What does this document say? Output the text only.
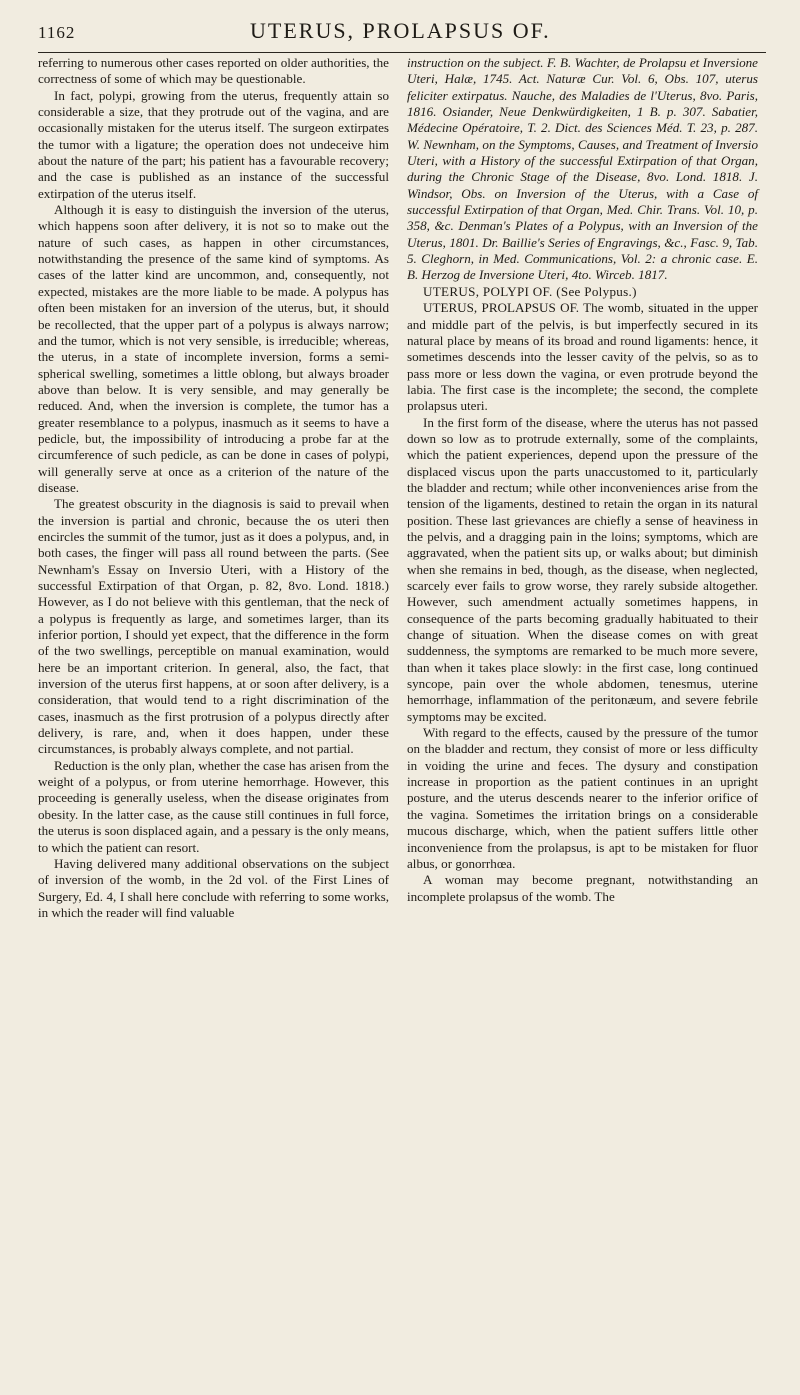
1162	UTERUS, PROLAPSUS OF.

referring to numerous other cases reported on older authorities, the correctness of some of which may be questionable.

In fact, polypi, growing from the uterus, frequently attain so considerable a size, that they protrude out of the vagina, and are occasionally mistaken for the uterus itself. The surgeon extirpates the tumor with a ligature; the operation does not undeceive him about the nature of the part; his patient has a favourable recovery; and the case is published as an instance of the successful extirpation of the uterus itself.

Although it is easy to distinguish the inversion of the uterus, which happens soon after delivery, it is not so to make out the nature of such cases, as happen in other circumstances, notwithstanding the presence of the same kind of symptoms. As cases of the latter kind are uncommon, and, consequently, not expected, mistakes are the more liable to be made. A polypus has often been mistaken for an inversion of the uterus, but, it should be recollected, that the upper part of a polypus is always narrow; and the tumor, which is not very sensible, is irreducible; whereas, the uterus, in a state of incomplete inversion, forms a semi-spherical swelling, sometimes a little oblong, but always broader above than below. It is very sensible, and may generally be reduced. And, when the inversion is complete, the tumor has a greater resemblance to a polypus, inasmuch as it seems to have a pedicle, but, the impossibility of introducing a probe far at the circumference of such pedicle, as can be done in cases of polypi, will generally serve at once as a criterion of the nature of the disease.

The greatest obscurity in the diagnosis is said to prevail when the inversion is partial and chronic, because the os uteri then encircles the summit of the tumor, just as it does a polypus, and, in both cases, the finger will pass all round between the parts. (See Newnham's Essay on Inversio Uteri, with a History of the successful Extirpation of that Organ, p. 82, 8vo. Lond. 1818.) However, as I do not believe with this gentleman, that the neck of a polypus is frequently as large, and sometimes larger, than its inferior portion, I should yet expect, that the difference in the form of the two swellings, perceptible on manual examination, would here be an important criterion. In general, also, the fact, that inversion of the uterus first happens, at or soon after delivery, is a consideration, that would tend to a right discrimination of the cases, inasmuch as the first protrusion of a polypus directly after delivery, is rare, and, when it does happen, under these circumstances, is probably always complete, and not partial.

Reduction is the only plan, whether the case has arisen from the weight of a polypus, or from uterine hemorrhage. However, this proceeding is generally useless, when the disease originates from obesity. In the latter case, as the cause still continues in full force, the uterus is soon displaced again, and a pessary is the only means, to which the patient can resort.

Having delivered many additional observations on the subject of inversion of the womb, in the 2d vol. of the First Lines of Surgery, Ed. 4, I shall here conclude with referring to some works, in which the reader will find valuable

instruction on the subject. F. B. Wachter, de Prolapsu et Inversione Uteri, Halæ, 1745. Act. Naturæ Cur. Vol. 6, Obs. 107, uterus feliciter extirpatus. Nauche, des Maladies de l'Uterus, 8vo. Paris, 1816. Osiander, Neue Denkwürdigkeiten, 1 B. p. 307. Sabatier, Médecine Opératoire, T. 2. Dict. des Sciences Méd. T. 23, p. 287. W. Newnham, on the Symptoms, Causes, and Treatment of Inversio Uteri, with a History of the successful Extirpation of that Organ, during the Chronic Stage of the Disease, 8vo. Lond. 1818. J. Windsor, Obs. on Inversion of the Uterus, with a Case of successful Extirpation of that Organ, Med. Chir. Trans. Vol. 10, p. 358, &c. Denman's Plates of a Polypus, with an Inversion of the Uterus, 1801. Dr. Baillie's Series of Engravings, &c., Fasc. 9, Tab. 5. Cleghorn, in Med. Communications, Vol. 2: a chronic case. E. B. Herzog de Inversione Uteri, 4to. Wirceb. 1817.

UTERUS, POLYPI OF. (See Polypus.)

UTERUS, PROLAPSUS OF. The womb, situated in the upper and middle part of the pelvis, is but imperfectly secured in its natural place by means of its broad and round ligaments: hence, it sometimes descends into the lesser cavity of the pelvis, so as to pass more or less down the vagina, or even protrude beyond the labia. The first case is the incomplete; the second, the complete prolapsus uteri.

In the first form of the disease, where the uterus has not passed down so low as to protrude externally, some of the complaints, which the patient experiences, depend upon the pressure of the displaced viscus upon the parts unaccustomed to it, particularly the bladder and rectum; while other inconveniences arise from the tension of the ligaments, destined to retain the organ in its natural position. These last grievances are chiefly a sense of heaviness in the pelvis, and a dragging pain in the loins; symptoms, which are aggravated, when the patient sits up, or walks about; but diminish when she remains in bed, though, as the disease, when neglected, scarcely ever fails to grow worse, they rarely subside altogether. However, such amendment actually sometimes happens, in consequence of the parts becoming gradually habituated to their change of situation. When the disease comes on with great suddenness, the symptoms are remarked to be much more severe, than when it takes place slowly: in the first case, long continued syncope, pain over the whole abdomen, tenesmus, uterine hemorrhage, inflammation of the peritonæum, and severe febrile symptoms may be excited.

With regard to the effects, caused by the pressure of the tumor on the bladder and rectum, they consist of more or less difficulty in voiding the urine and feces. The dysury and constipation increase in proportion as the patient continues in an upright posture, and the uterus descends nearer to the inferior orifice of the vagina. Sometimes the irritation brings on a considerable mucous discharge, which, when the patient suffers little other inconvenience from the prolapsus, is apt to be mistaken for fluor albus, or gonorrhœa.

A woman may become pregnant, notwithstanding an incomplete prolapsus of the womb. The
